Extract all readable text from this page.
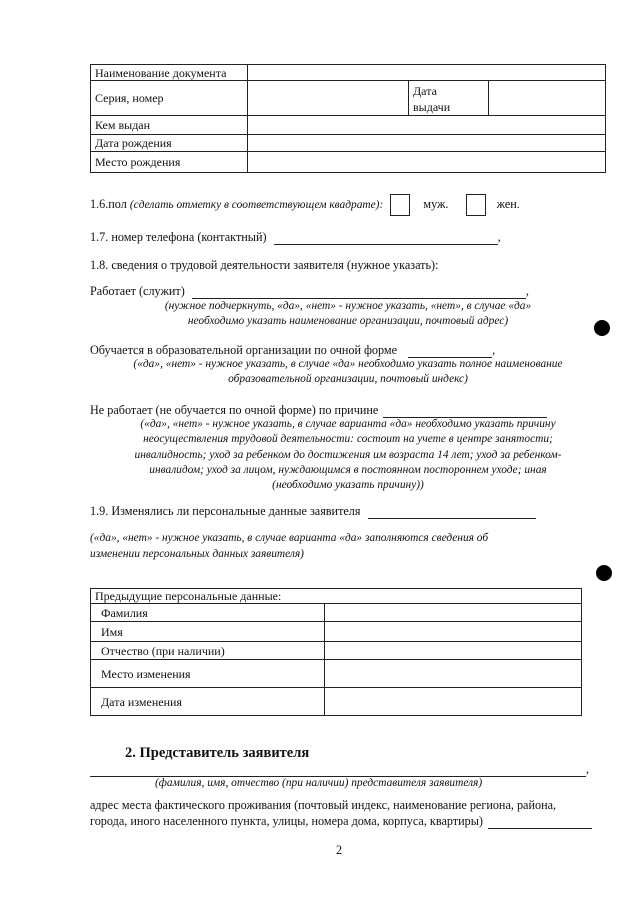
Наименование документа			
Серия, номер		Дата
выдачи	

Кем выдан			
Дата рождения			
Место рождения			
1.6.пол (сделать отметку в соответствующем квадрате):	муж.	жен.
1.7. номер телефона (контактный)	,
1.8. сведения о трудовой деятельности заявителя (нужное указать):
Работает (служит)	,
(нужное подчеркнуть, «да», «нет» - нужное указать, «нет», в случае «да»
необходимо указать наименование организации, почтовый адрес)
Обучается в образовательной организации по очной форме	,
(«да», «нет» - нужное указать, в случае «да» необходимо указать полное наименование
образовательной организации, почтовый индекс)
Не работает (не обучается по очной форме) по причине
(«да», «нет» - нужное указать, в случае варианта «да» необходимо указать причину
неосуществления трудовой деятельности: состоит на учете в центре занятости;
инвалидность; уход за ребенком до достижения им возраста 14 лет; уход за ребенком-
инвалидом; уход за лицом, нуждающимся в постоянном постороннем уходе; иная
(необходимо указать причину))
1.9. Изменялись ли персональные данные заявителя
(«да», «нет» - нужное указать, в случае варианта «да» заполняются сведения об
изменении персональных данных заявителя)
Предыдущие персональные данные:	
Фамилия	
Имя	
Отчество (при наличии)	
Место изменения	
Дата изменения	
2. Представитель заявителя
,
(фамилия, имя, отчество (при наличии) представителя заявителя)
адрес места фактического проживания (почтовый индекс, наименование региона, района,
города, иного населенного пункта, улицы, номера дома, корпуса, квартиры)
2
